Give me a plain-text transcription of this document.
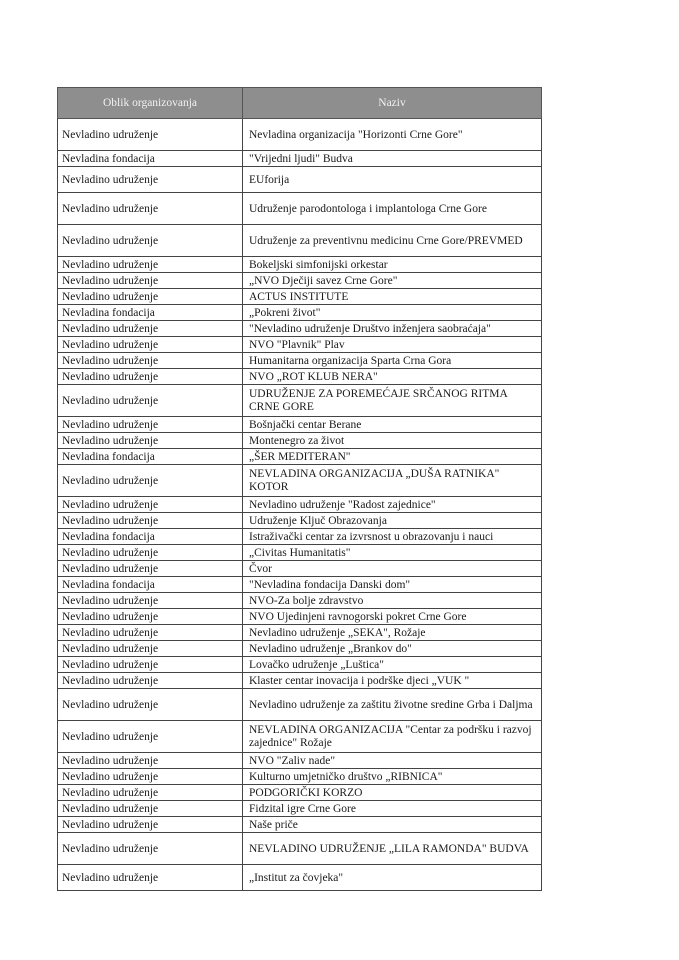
Oblik organizovanja	Naziv
Nevladino udruženje	Nevladina organizacija "Horizonti Crne Gore"
Nevladina fondacija	"Vrijedni ljudi" Budva
Nevladino udruženje	EUforija
Nevladino udruženje	Udruženje parodontologa i implantologa Crne Gore
Nevladino udruženje	Udruženje za preventivnu medicinu Crne Gore/PREVMED
Nevladino udruženje	Bokeljski simfonijski orkestar
Nevladino udruženje	„NVO Dječiji savez Crne Gore"
Nevladino udruženje	ACTUS INSTITUTE
Nevladina fondacija	„Pokreni život"
Nevladino udruženje	"Nevladino udruženje Društvo inženjera saobraćaja"
Nevladino udruženje	NVO "Plavnik" Plav
Nevladino udruženje	Humanitarna organizacija Sparta Crna Gora
Nevladino udruženje	NVO „ROT KLUB NERA"
Nevladino udruženje	UDRUŽENJE ZA POREMEĆAJE SRČANOG RITMA CRNE GORE
Nevladino udruženje	Bošnjački centar Berane
Nevladino udruženje	Montenegro za život
Nevladina fondacija	„ŠER MEDITERAN"
Nevladino udruženje	NEVLADINA ORGANIZACIJA „DUŠA RATNIKA" KOTOR
Nevladino udruženje	Nevladino udruženje "Radost zajednice"
Nevladino udruženje	Udruženje Ključ Obrazovanja
Nevladina fondacija	Istraživački centar za izvrsnost u obrazovanju i nauci
Nevladino udruženje	„Civitas Humanitatis"
Nevladino udruženje	Čvor
Nevladina fondacija	"Nevladina fondacija Danski dom"
Nevladino udruženje	NVO-Za bolje zdravstvo
Nevladino udruženje	NVO Ujedinjeni ravnogorski pokret Crne Gore
Nevladino udruženje	Nevladino udruženje „SEKA", Rožaje
Nevladino udruženje	Nevladino udruženje „Brankov do"
Nevladino udruženje	Lovačko udruženje „Luštica"
Nevladino udruženje	Klaster centar inovacija i podrške djeci „VUK "
Nevladino udruženje	Nevladino udruženje za zaštitu životne sredine Grba i Daljma
Nevladino udruženje	NEVLADINA ORGANIZACIJA "Centar za podršku i razvoj zajednice" Rožaje
Nevladino udruženje	NVO "Zaliv nade"
Nevladino udruženje	Kulturno umjetničko društvo „RIBNICA"
Nevladino udruženje	PODGORIČKI KORZO
Nevladino udruženje	Fidzital igre Crne Gore
Nevladino udruženje	Naše priče
Nevladino udruženje	NEVLADINO UDRUŽENJE „LILA RAMONDA" BUDVA
Nevladino udruženje	„Institut za čovjeka"
